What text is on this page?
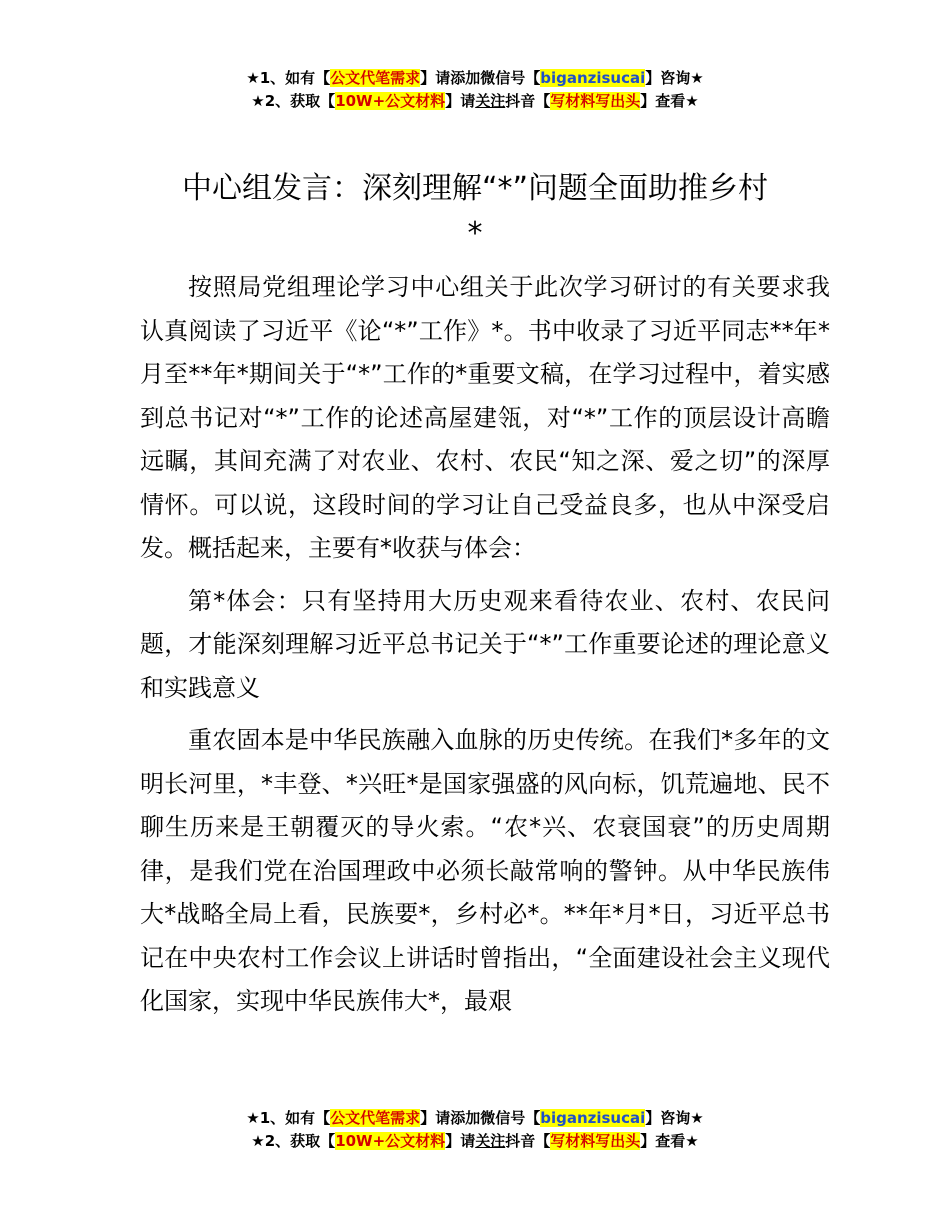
★1、如有【公文代笔需求】请添加微信号【biganzisucai】咨询★
★2、获取【10W+公文材料】请关注抖音【写材料写出头】查看★
中心组发言：深刻理解“*”问题全面助推乡村
*

按照局党组理论学习中心组关于此次学习研讨的有关要求我认真阅读了习近平《论“*”工作》*。书中收录了习近平同志**年*月至**年*期间关于“*”工作的*重要文稿，在学习过程中，着实感到总书记对“*”工作的论述高屋建瓴，对“*”工作的顶层设计高瞻远瞩，其间充满了对农业、农村、农民“知之深、爱之切”的深厚情怀。可以说，这段时间的学习让自己受益良多，也从中深受启发。概括起来，主要有*收获与体会：

第*体会：只有坚持用大历史观来看待农业、农村、农民问题，才能深刻理解习近平总书记关于“*”工作重要论述的理论意义和实践意义

重农固本是中华民族融入血脉的历史传统。在我们*多年的文明长河里，*丰登、*兴旺*是国家强盛的风向标，饥荒遍地、民不聊生历来是王朝覆灭的导火索。“农*兴、农衰国衰”的历史周期律，是我们党在治国理政中必须长敲常响的警钟。从中华民族伟大*战略全局上看，民族要*，乡村必*。**年*月*日，习近平总书记在中央农村工作会议上讲话时曾指出，“全面建设社会主义现代化国家，实现中华民族伟大*，最艰

★1、如有【公文代笔需求】请添加微信号【biganzisucai】咨询★
★2、获取【10W+公文材料】请关注抖音【写材料写出头】查看★
